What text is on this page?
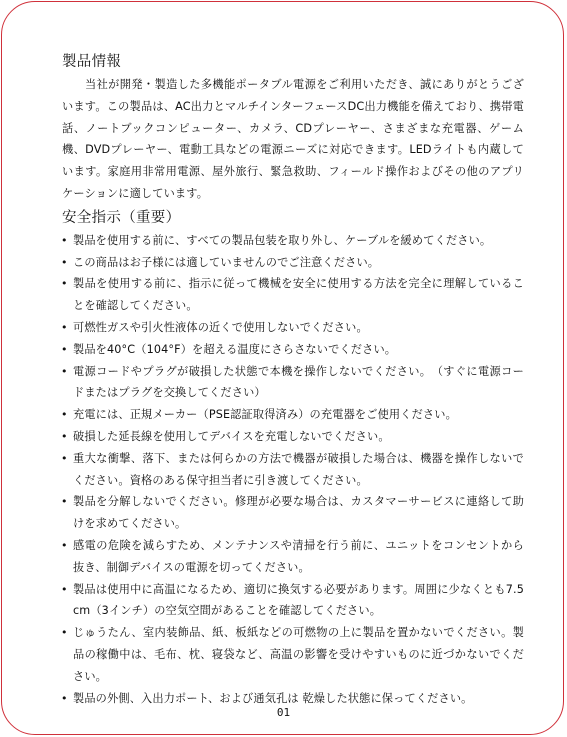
製品情報

当社が開発・製造した多機能ポータブル電源をご利用いただき、誠にありがとうございます。この製品は、AC出力とマルチインターフェースDC出力機能を備えており、携帯電話、ノートブックコンピューター、カメラ、CDプレーヤー、さまざまな充電器、ゲーム機、DVDプレーヤー、電動工具などの電源ニーズに対応できます。LEDライトも内蔵しています。家庭用非常用電源、屋外旅行、緊急救助、フィールド操作およびその他のアプリケーションに適しています。

安全指示（重要）
• 製品を使用する前に、すべての製品包装を取り外し、ケーブルを緩めてください。
• この商品はお子様には適していませんのでご注意ください。
• 製品を使用する前に、指示に従って機械を安全に使用する方法を完全に理解していることを確認してください。
• 可燃性ガスや引火性液体の近くで使用しないでください。
• 製品を40°C（104°F）を超える温度にさらさないでください。
• 電源コードやプラグが破損した状態で本機を操作しないでください。　（すぐに電源コードまたはプラグを交換してください）
• 充電には、正規メーカー（PSE認証取得済み）の充電器をご使用ください。
• 破損した延長線を使用してデバイスを充電しないでください。
• 重大な衝撃、落下、または何らかの方法で機器が破損した場合は、機器を操作しないでください。資格のある保守担当者に引き渡してください。
• 製品を分解しないでください。修理が必要な場合は、カスタマーサービスに連絡して助けを求めてください。
• 感電の危険を減らすため、メンテナンスや清掃を行う前に、ユニットをコンセントから抜き、制御デバイスの電源を切ってください。
• 製品は使用中に高温になるため、適切に換気する必要があります。周囲に少なくとも7.5 cm（3インチ）の空気空間があることを確認してください。
• じゅうたん、室内装飾品、紙、板紙などの可燃物の上に製品を置かないでください。製品の稼働中は、毛布、枕、寝袋など、高温の影響を受けやすいものに近づかないでください。
• 製品の外側、入出力ポート、および通気孔は 乾燥した状態に保ってください。
01
